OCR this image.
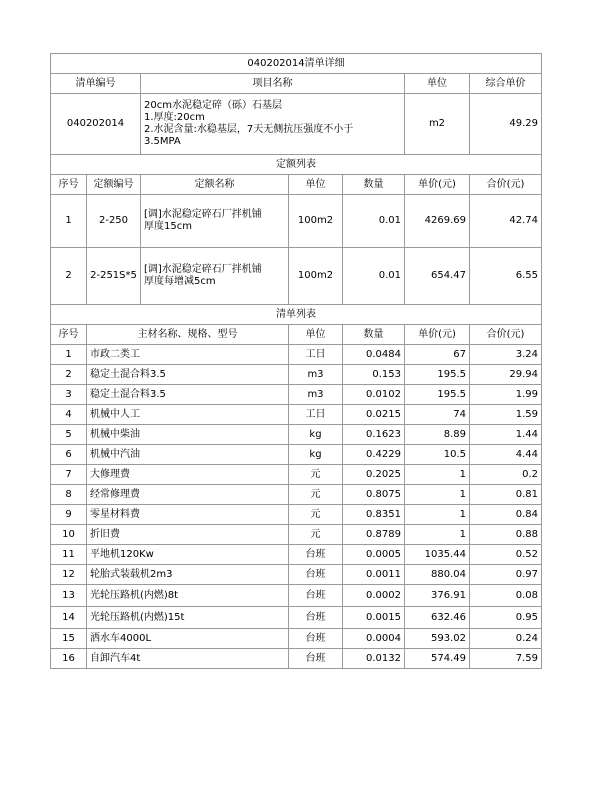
040202014清单详细						
清单编号		项目名称			单位	综合单价
040202014		20cm水泥稳定碎（砾）石基层
1.厚度:20cm
2.水泥含量:水稳基层，7天无侧抗压强度不小于
3.5MPA			m2	49.29
定额列表						
序号	定额编号	定额名称	单位	数量	单价(元)	合价(元)
1	2-250	[调]水泥稳定碎石厂拌机铺
厚度15cm	100m2	0.01	4269.69	42.74
2	2-251S*5	[调]水泥稳定碎石厂拌机铺
厚度每增减5cm	100m2	0.01	654.47	6.55
清单列表						
序号	主材名称、规格、型号		单位	数量	单价(元)	合价(元)
1	市政二类工		工日	0.0484	67	3.24
2	稳定土混合料3.5		m3	0.153	195.5	29.94
3	稳定土混合料3.5		m3	0.0102	195.5	1.99
4	机械中人工		工日	0.0215	74	1.59
5	机械中柴油		kg	0.1623	8.89	1.44
6	机械中汽油		kg	0.4229	10.5	4.44
7	大修理费		元	0.2025	1	0.2
8	经常修理费		元	0.8075	1	0.81
9	零星材料费		元	0.8351	1	0.84
10	折旧费		元	0.8789	1	0.88
11	平地机120Kw		台班	0.0005	1035.44	0.52
12	轮胎式装载机2m3		台班	0.0011	880.04	0.97
13	光轮压路机(内燃)8t		台班	0.0002	376.91	0.08
14	光轮压路机(内燃)15t		台班	0.0015	632.46	0.95
15	洒水车4000L		台班	0.0004	593.02	0.24
16	自卸汽车4t		台班	0.0132	574.49	7.59
